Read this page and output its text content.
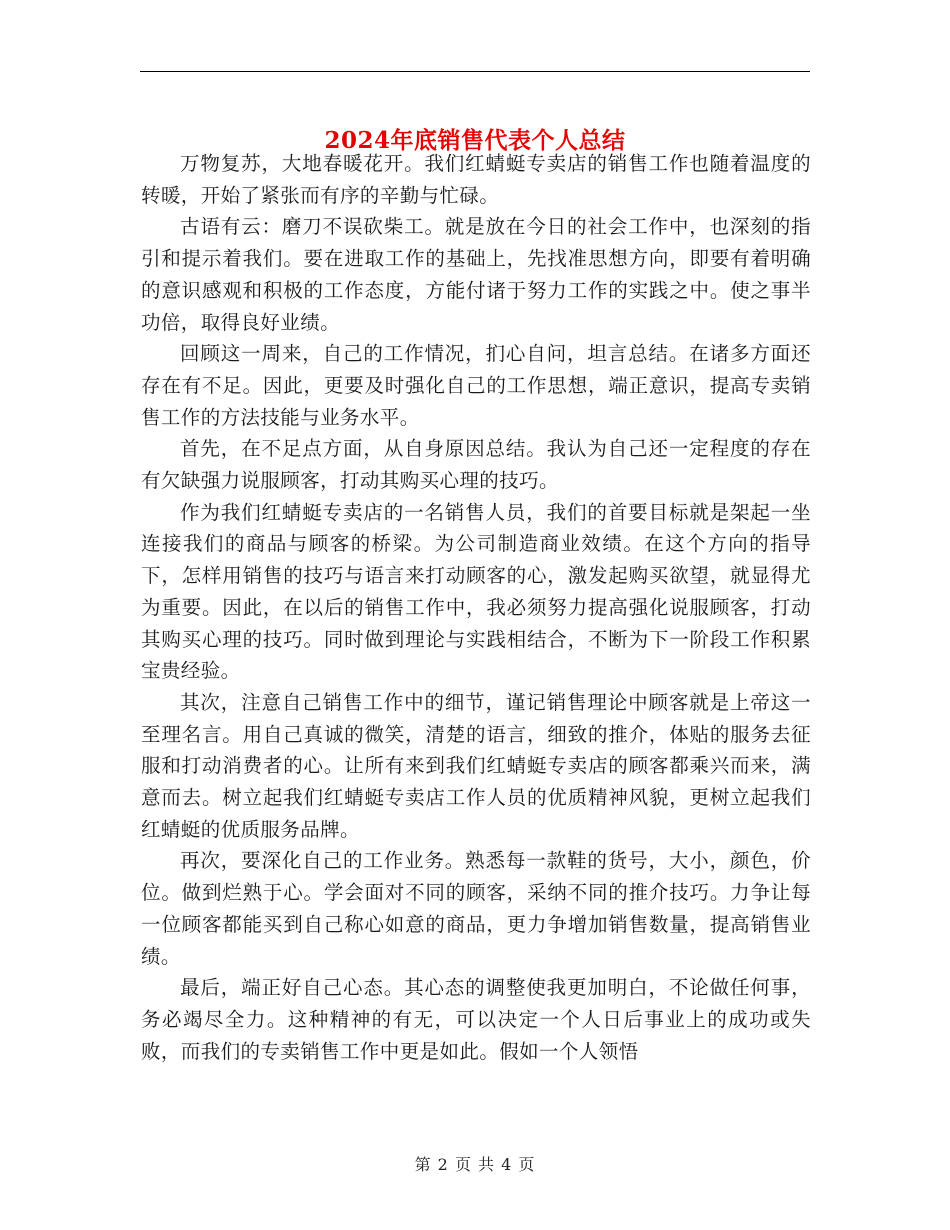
2024年底销售代表个人总结

万物复苏，大地春暖花开。我们红蜻蜓专卖店的销售工作也随着温度的转暖，开始了紧张而有序的辛勤与忙碌。

古语有云：磨刀不误砍柴工。就是放在今日的社会工作中，也深刻的指引和提示着我们。要在进取工作的基础上，先找准思想方向，即要有着明确的意识感观和积极的工作态度，方能付诸于努力工作的实践之中。使之事半功倍，取得良好业绩。

回顾这一周来，自己的工作情况，扪心自问，坦言总结。在诸多方面还存在有不足。因此，更要及时强化自己的工作思想，端正意识，提高专卖销售工作的方法技能与业务水平。

首先，在不足点方面，从自身原因总结。我认为自己还一定程度的存在有欠缺强力说服顾客，打动其购买心理的技巧。

作为我们红蜻蜓专卖店的一名销售人员，我们的首要目标就是架起一坐连接我们的商品与顾客的桥梁。为公司制造商业效绩。在这个方向的指导下，怎样用销售的技巧与语言来打动顾客的心，激发起购买欲望，就显得尤为重要。因此，在以后的销售工作中，我必须努力提高强化说服顾客，打动其购买心理的技巧。同时做到理论与实践相结合，不断为下一阶段工作积累宝贵经验。

其次，注意自己销售工作中的细节，谨记销售理论中顾客就是上帝这一至理名言。用自己真诚的微笑，清楚的语言，细致的推介，体贴的服务去征服和打动消费者的心。让所有来到我们红蜻蜓专卖店的顾客都乘兴而来，满意而去。树立起我们红蜻蜓专卖店工作人员的优质精神风貌，更树立起我们红蜻蜓的优质服务品牌。

再次，要深化自己的工作业务。熟悉每一款鞋的货号，大小，颜色，价位。做到烂熟于心。学会面对不同的顾客，采纳不同的推介技巧。力争让每一位顾客都能买到自己称心如意的商品，更力争增加销售数量，提高销售业绩。

最后，端正好自己心态。其心态的调整使我更加明白，不论做任何事，务必竭尽全力。这种精神的有无，可以决定一个人日后事业上的成功或失败，而我们的专卖销售工作中更是如此。假如一个人领悟

第 2 页 共 4 页
